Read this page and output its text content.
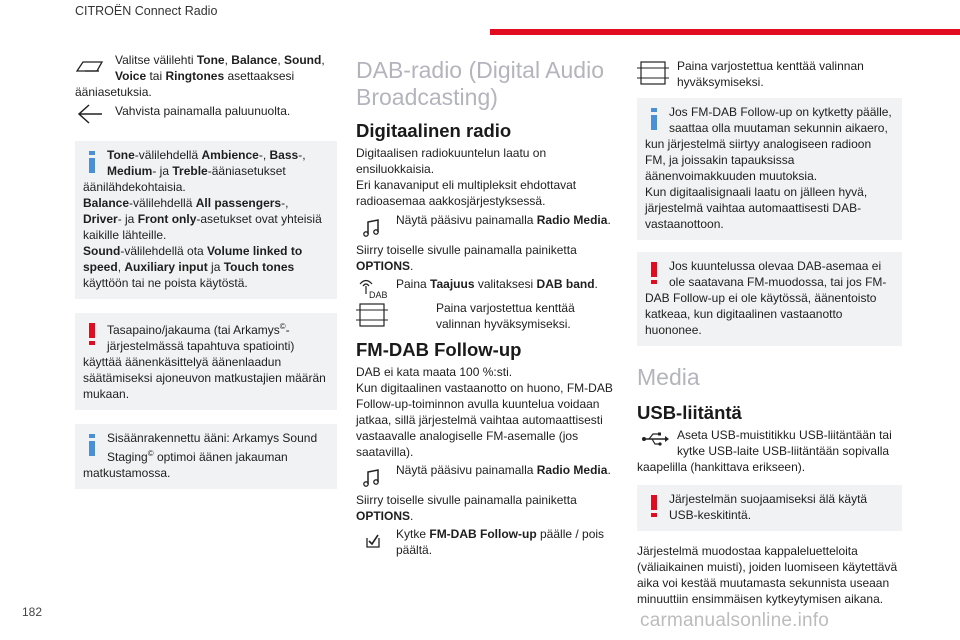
CITROËN Connect Radio

Valitse välilehti Tone, Balance, Sound, Voice tai Ringtones asettaaksesi ääniasetuksia.

Vahvista painamalla paluunuolta.

Tone-välilehdellä Ambience-, Bass-, Medium- ja Treble-ääniasetukset äänilähdekohtaisia.
Balance-välilehdellä All passengers-, Driver- ja Front only-asetukset ovat yhteisiä kaikille lähteille.
Sound-välilehdellä ota Volume linked to speed, Auxiliary input ja Touch tones käyttöön tai ne poista käytöstä.

Tasapaino/jakauma (tai Arkamys©-järjestelmässä tapahtuva spatiointi) käyttää äänenkäsittelyä äänenlaadun säätämiseksi ajoneuvon matkustajien määrän mukaan.

Sisäänrakennettu ääni: Arkamys Sound Staging© optimoi äänen jakauman matkustamossa.

DAB-radio (Digital Audio Broadcasting)
Digitaalinen radio

Digitaalisen radiokuuntelun laatu on ensiluokkaisia.
Eri kanavaniput eli multipleksit ehdottavat radioasemaa aakkosjärjestyksessä.

Näytä pääsivu painamalla Radio Media.

Siirry toiselle sivulle painamalla painiketta OPTIONS.

DAB

Paina Taajuus valitaksesi DAB band.

Paina varjostettua kenttää valinnan hyväksymiseksi.

FM-DAB Follow-up

DAB ei kata maata 100 %:sti.
Kun digitaalinen vastaanotto on huono, FM-DAB Follow-up-toiminnon avulla kuuntelua voidaan jatkaa, sillä järjestelmä vaihtaa automaattisesti vastaavalle analogiselle FM-asemalle (jos saatavilla).

Näytä pääsivu painamalla Radio Media.

Siirry toiselle sivulle painamalla painiketta OPTIONS.

Kytke FM-DAB Follow-up päälle / pois päältä.

Paina varjostettua kenttää valinnan hyväksymiseksi.

Jos FM-DAB Follow-up on kytketty päälle, saattaa olla muutaman sekunnin aikaero, kun järjestelmä siirtyy analogiseen radioon FM, ja joissakin tapauksissa äänenvoimakkuuden muutoksia.
Kun digitaalisignaali laatu on jälleen hyvä, järjestelmä vaihtaa automaattisesti DAB-vastaanottoon.

Jos kuuntelussa olevaa DAB-asemaa ei ole saatavana FM-muodossa, tai jos FM-DAB Follow-up ei ole käytössä, äänentoisto katkeaa, kun digitaalinen vastaanotto huononee.

Media
USB-liitäntä

Aseta USB-muistitikku USB-liitäntään tai kytke USB-laite USB-liitäntään sopivalla kaapelilla (hankittava erikseen).

Järjestelmän suojaamiseksi älä käytä USB-keskitintä.

Järjestelmä muodostaa kappaleluetteloita (väliaikainen muisti), joiden luomiseen käytettävä aika voi kestää muutamasta sekunnista useaan minuuttiin ensimmäisen kytkeytymisen aikana.

182	carmanualsonline.info
